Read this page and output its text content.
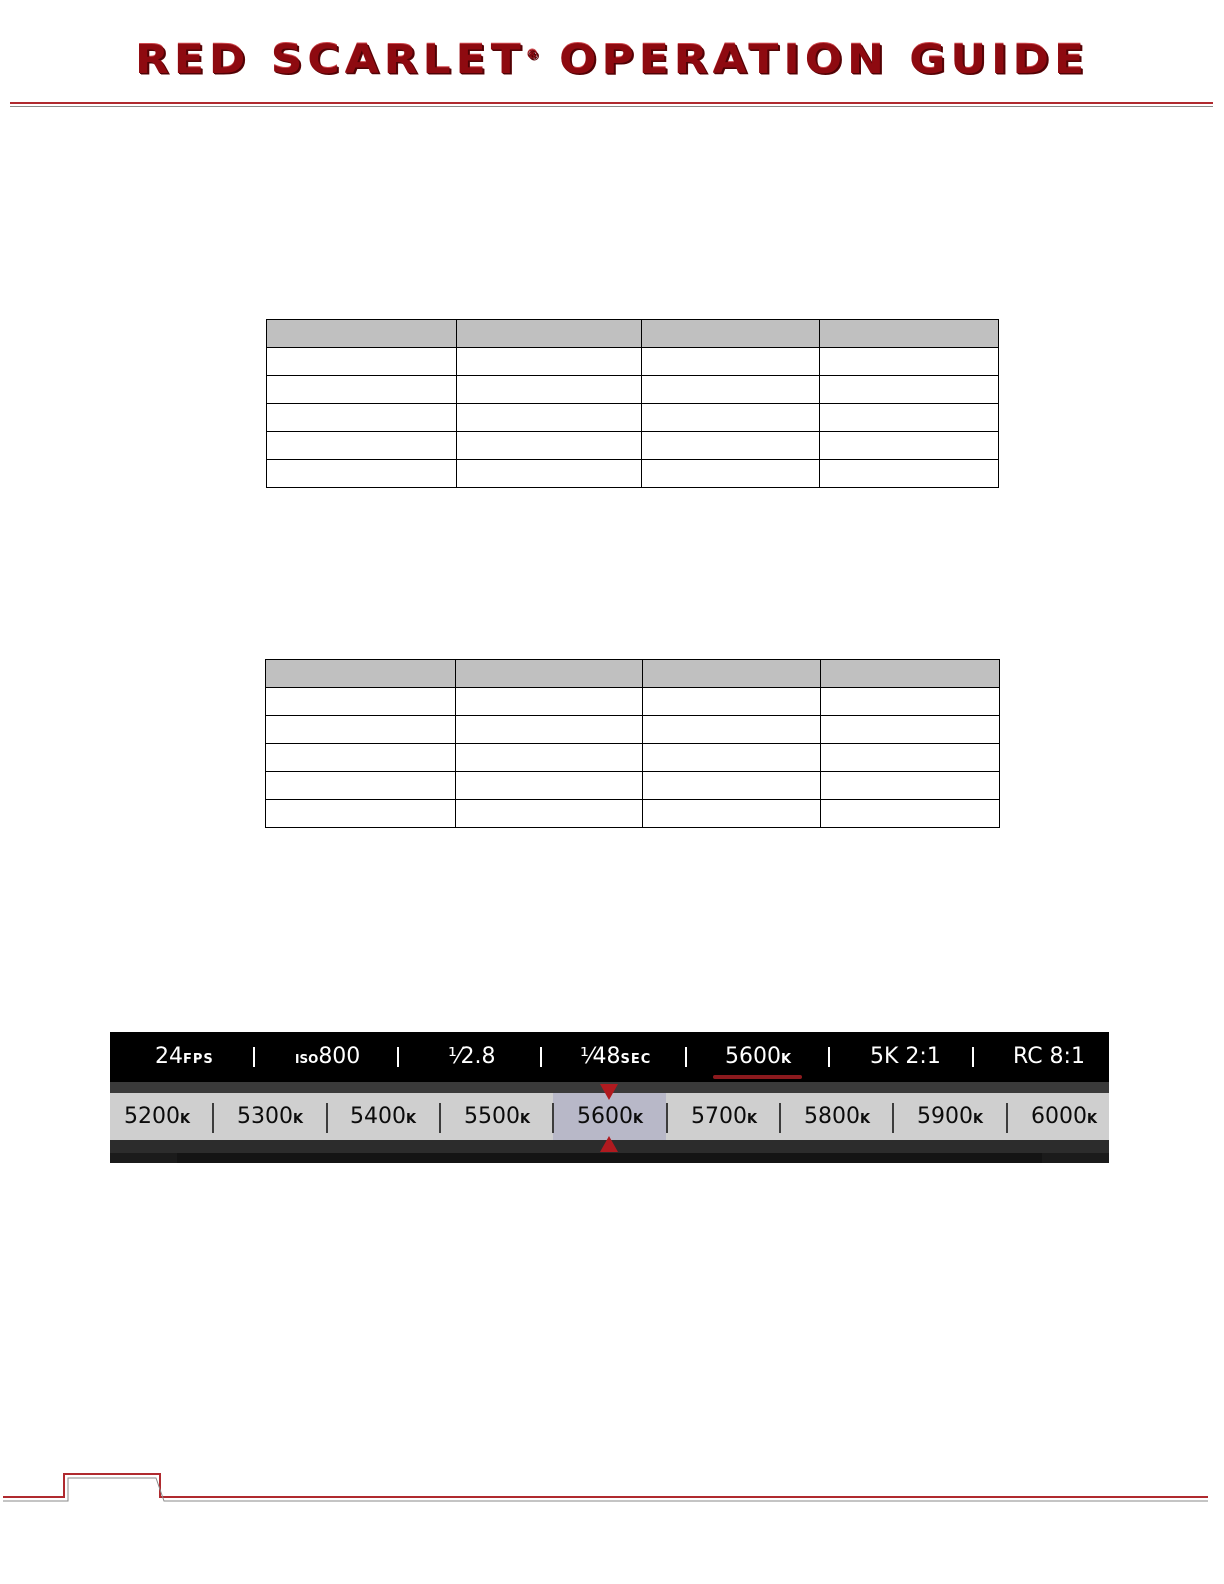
RED SCARLET® OPERATION GUIDE

24FPS	ISO800	¹⁄2.8	¹⁄48SEC	5600K	5K 2:1	RC 8:1
5200K 5300K 5400K 5500K 5600K 5700K 5800K 5900K 6000K
